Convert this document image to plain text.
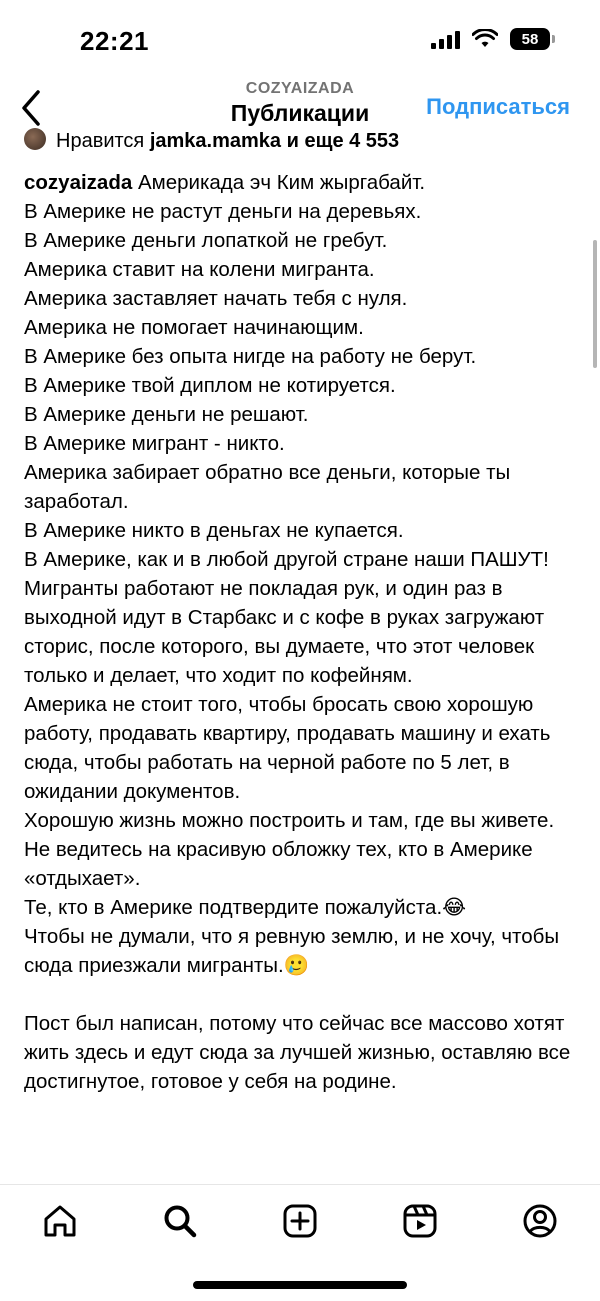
22:21	58
COZYAIZADA
Публикации	Подписаться
Нравится
jamka.mamka
и еще 4 553

cozyaizada Америкада эч Ким жыргабайт.

В Америке не растут деньги на деревьях.

В Америке деньги лопаткой не гребут.

Америка ставит на колени мигранта.

Америка заставляет начать тебя с нуля.

Америка не помогает начинающим.

В Америке без опыта нигде на работу не берут.

В Америке твой диплом не котируется.

В Америке деньги не решают.

В Америке мигрант - никто.

Америка забирает обратно все деньги, которые ты заработал.

В Америке никто в деньгах не купается.

В Америке, как и в любой другой стране наши ПАШУТ!

Мигранты работают не покладая рук, и один раз в выходной идут в Старбакс и с кофе в руках загружают сторис, после которого, вы думаете, что этот человек только и делает, что ходит по кофейням.

Америка не стоит того, чтобы бросать свою хорошую работу, продавать квартиру, продавать машину и ехать сюда, чтобы работать на черной работе по 5 лет, в ожидании документов.

Хорошую жизнь можно построить и там, где вы живете.

Не ведитесь на красивую обложку тех, кто в Америке «отдыхает».

Те, кто в Америке подтвердите пожалуйста.😂

Чтобы не думали, что я ревную землю, и не хочу, чтобы сюда приезжали мигранты.🥲

Пост был написан, потому что сейчас все массово хотят жить здесь и едут сюда за лучшей жизнью, оставляю все достигнутое, готовое у себя на родине.
